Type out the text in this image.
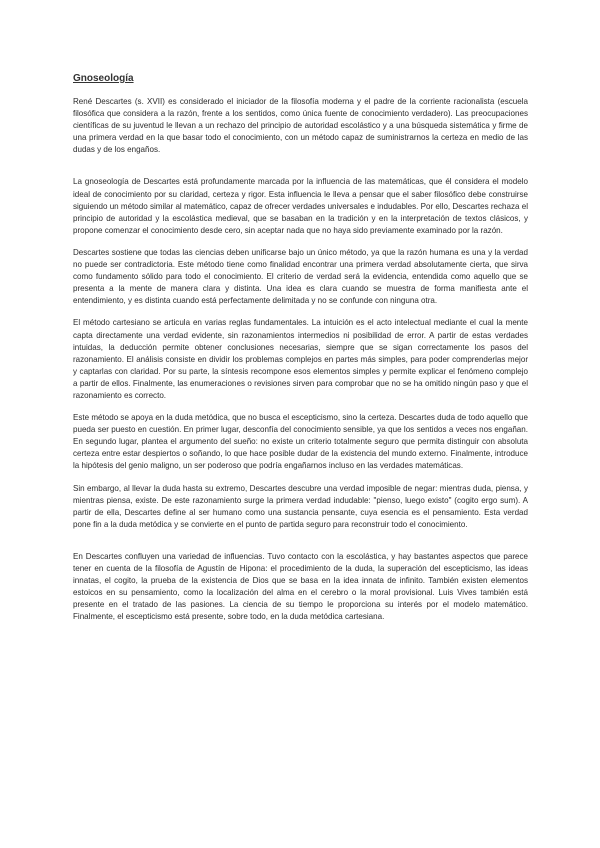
Gnoseología

René Descartes (s. XVII) es considerado el iniciador de la filosofía moderna y el padre de la corriente racionalista (escuela filosófica que considera a la razón, frente a los sentidos, como única fuente de conocimiento verdadero). Las preocupaciones científicas de su juventud le llevan a un rechazo del principio de autoridad escolástico y a una búsqueda sistemática y firme de una primera verdad en la que basar todo el conocimiento, con un método capaz de suministrarnos la certeza en medio de las dudas y de los engaños.

La gnoseología de Descartes está profundamente marcada por la influencia de las matemáticas, que él considera el modelo ideal de conocimiento por su claridad, certeza y rigor. Esta influencia le lleva a pensar que el saber filosófico debe construirse siguiendo un método similar al matemático, capaz de ofrecer verdades universales e indudables. Por ello, Descartes rechaza el principio de autoridad y la escolástica medieval, que se basaban en la tradición y en la interpretación de textos clásicos, y propone comenzar el conocimiento desde cero, sin aceptar nada que no haya sido previamente examinado por la razón.

Descartes sostiene que todas las ciencias deben unificarse bajo un único método, ya que la razón humana es una y la verdad no puede ser contradictoria. Este método tiene como finalidad encontrar una primera verdad absolutamente cierta, que sirva como fundamento sólido para todo el conocimiento. El criterio de verdad será la evidencia, entendida como aquello que se presenta a la mente de manera clara y distinta. Una idea es clara cuando se muestra de forma manifiesta ante el entendimiento, y es distinta cuando está perfectamente delimitada y no se confunde con ninguna otra.

El método cartesiano se articula en varias reglas fundamentales. La intuición es el acto intelectual mediante el cual la mente capta directamente una verdad evidente, sin razonamientos intermedios ni posibilidad de error. A partir de estas verdades intuidas, la deducción permite obtener conclusiones necesarias, siempre que se sigan correctamente los pasos del razonamiento. El análisis consiste en dividir los problemas complejos en partes más simples, para poder comprenderlas mejor y captarlas con claridad. Por su parte, la síntesis recompone esos elementos simples y permite explicar el fenómeno complejo a partir de ellos. Finalmente, las enumeraciones o revisiones sirven para comprobar que no se ha omitido ningún paso y que el razonamiento es correcto.

Este método se apoya en la duda metódica, que no busca el escepticismo, sino la certeza. Descartes duda de todo aquello que pueda ser puesto en cuestión. En primer lugar, desconfía del conocimiento sensible, ya que los sentidos a veces nos engañan. En segundo lugar, plantea el argumento del sueño: no existe un criterio totalmente seguro que permita distinguir con absoluta certeza entre estar despiertos o soñando, lo que hace posible dudar de la existencia del mundo externo. Finalmente, introduce la hipótesis del genio maligno, un ser poderoso que podría engañarnos incluso en las verdades matemáticas.

Sin embargo, al llevar la duda hasta su extremo, Descartes descubre una verdad imposible de negar: mientras duda, piensa, y mientras piensa, existe. De este razonamiento surge la primera verdad indudable: "pienso, luego existo" (cogito ergo sum). A partir de ella, Descartes define al ser humano como una sustancia pensante, cuya esencia es el pensamiento. Esta verdad pone fin a la duda metódica y se convierte en el punto de partida seguro para reconstruir todo el conocimiento.

En Descartes confluyen una variedad de influencias. Tuvo contacto con la escolástica, y hay bastantes aspectos que parece tener en cuenta de la filosofía de Agustín de Hipona: el procedimiento de la duda, la superación del escepticismo, las ideas innatas, el cogito, la prueba de la existencia de Dios que se basa en la idea innata de infinito. También existen elementos estoicos en su pensamiento, como la localización del alma en el cerebro o la moral provisional. Luis Vives también está presente en el tratado de las pasiones. La ciencia de su tiempo le proporciona su interés por el modelo matemático. Finalmente, el escepticismo está presente, sobre todo, en la duda metódica cartesiana.
